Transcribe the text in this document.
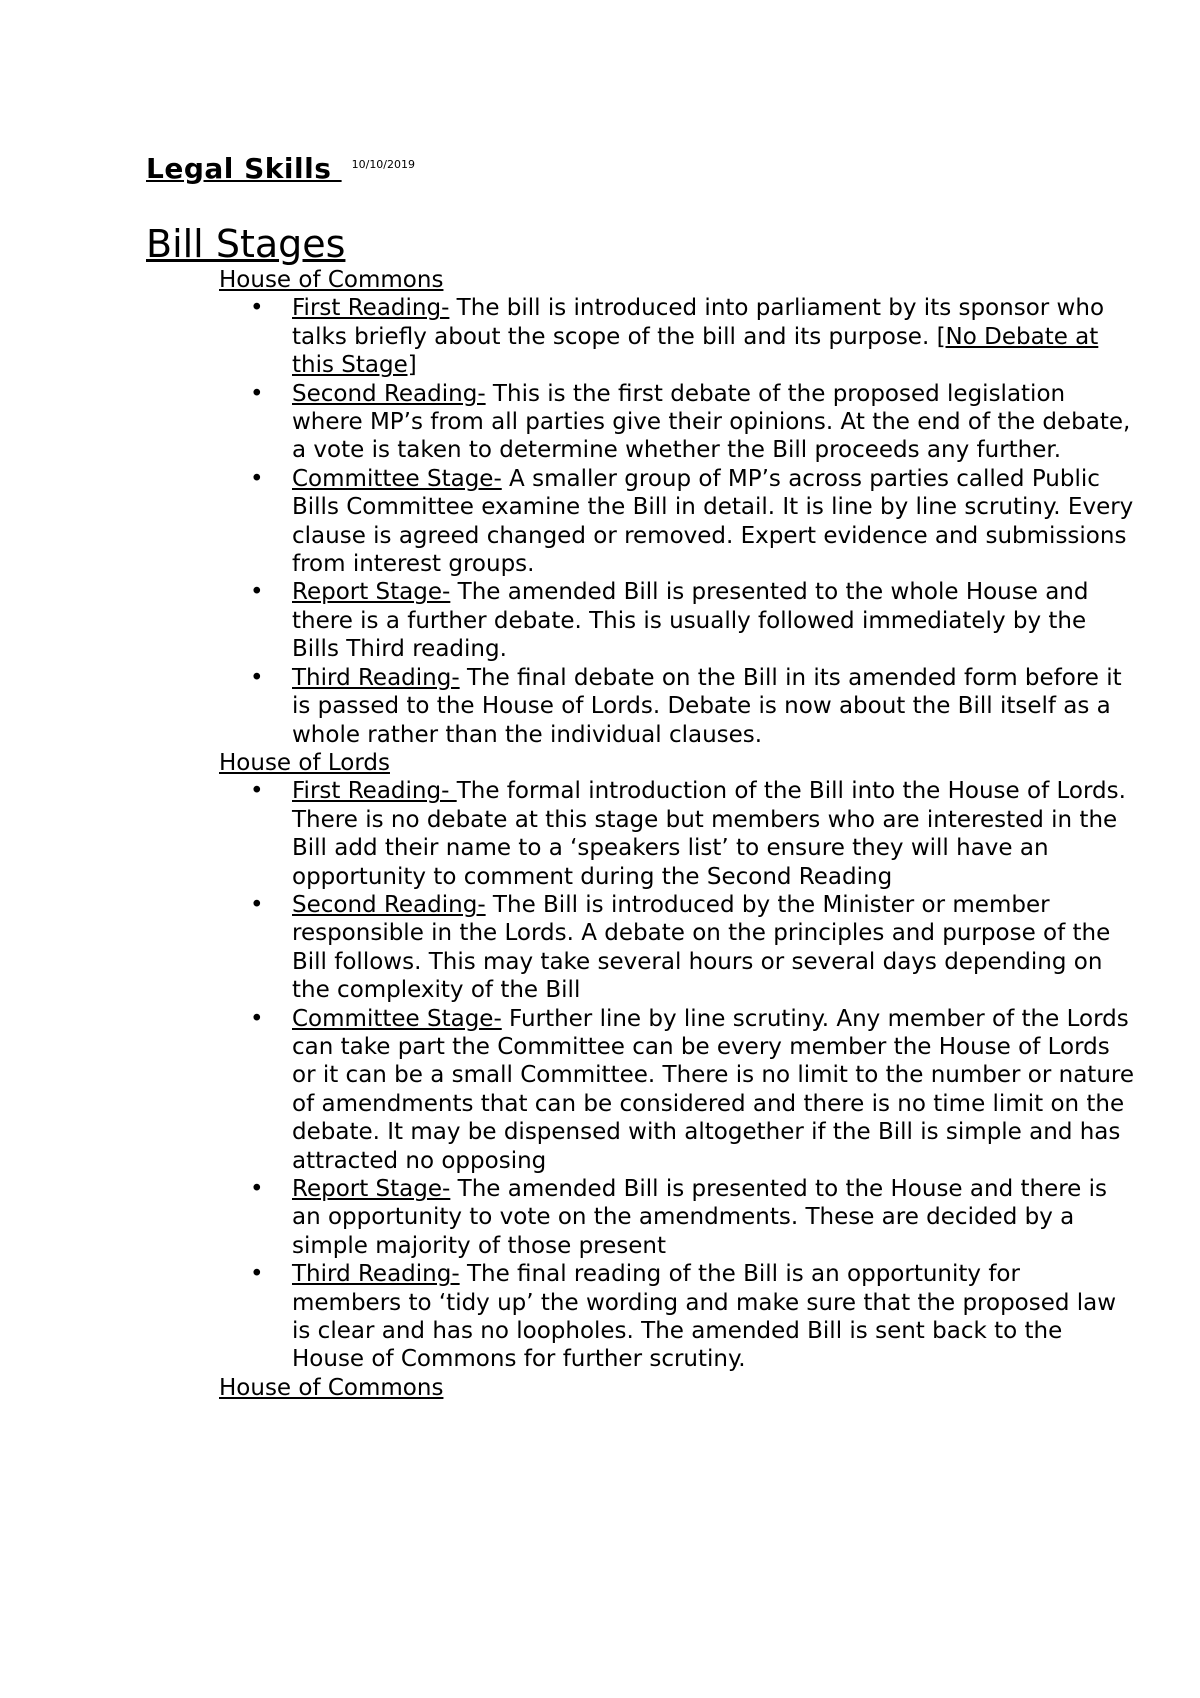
Legal Skills $^{10/10/2019}$
Bill Stages
House of Commons
• First Reading- The bill is introduced into parliament by its sponsor who talks briefly about the scope of the bill and its purpose. [No Debate at this Stage]
• Second Reading- This is the first debate of the proposed legislation where MP’s from all parties give their opinions. At the end of the debate, a vote is taken to determine whether the Bill proceeds any further.
• Committee Stage- A smaller group of MP’s across parties called Public Bills Committee examine the Bill in detail. It is line by line scrutiny. Every clause is agreed changed or removed. Expert evidence and submissions from interest groups.
• Report Stage- The amended Bill is presented to the whole House and there is a further debate. This is usually followed immediately by the Bills Third reading.
• Third Reading- The final debate on the Bill in its amended form before it is passed to the House of Lords. Debate is now about the Bill itself as a whole rather than the individual clauses.
House of Lords
• First Reading- The formal introduction of the Bill into the House of Lords. There is no debate at this stage but members who are interested in the Bill add their name to a ‘speakers list’ to ensure they will have an opportunity to comment during the Second Reading
• Second Reading- The Bill is introduced by the Minister or member responsible in the Lords. A debate on the principles and purpose of the Bill follows. This may take several hours or several days depending on the complexity of the Bill
• Committee Stage- Further line by line scrutiny. Any member of the Lords can take part the Committee can be every member the House of Lords or it can be a small Committee. There is no limit to the number or nature of amendments that can be considered and there is no time limit on the debate. It may be dispensed with altogether if the Bill is simple and has attracted no opposing
• Report Stage- The amended Bill is presented to the House and there is an opportunity to vote on the amendments. These are decided by a simple majority of those present
• Third Reading- The final reading of the Bill is an opportunity for members to ‘tidy up’ the wording and make sure that the proposed law is clear and has no loopholes. The amended Bill is sent back to the House of Commons for further scrutiny.
House of Commons
